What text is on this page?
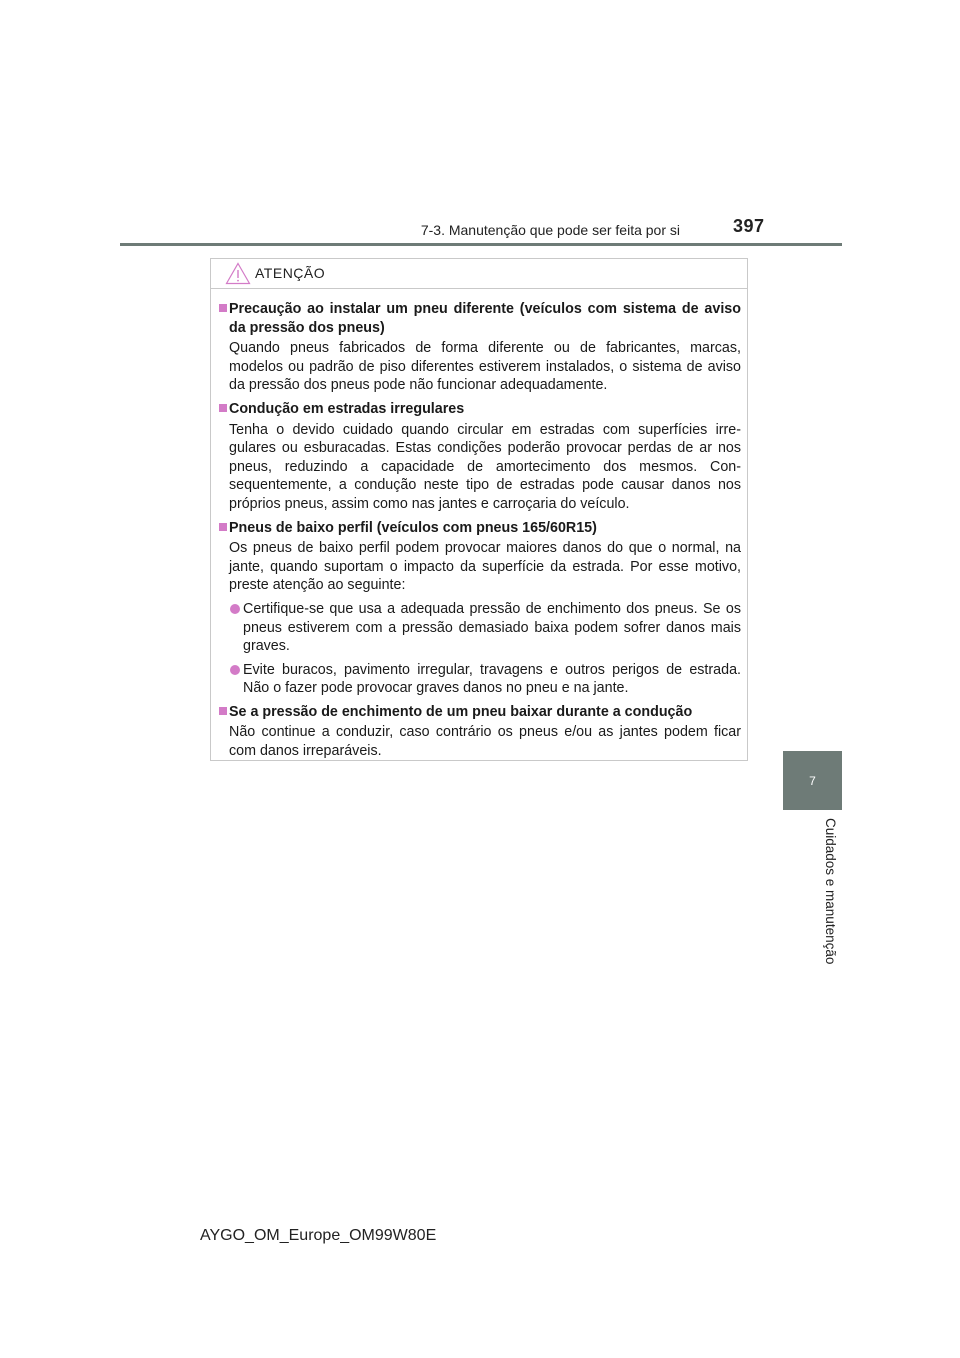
7-3. Manutenção que pode ser feita por si	397
7
Cuidados e manutenção
ATENÇÃO
Precaução ao instalar um pneu diferente (veículos com sistema de aviso da pressão dos pneus)
Quando pneus fabricados de forma diferente ou de fabricantes, marcas, modelos ou padrão de piso diferentes estiverem instalados, o sistema de aviso da pressão dos pneus pode não funcionar adequadamente.
Condução em estradas irregulares
Tenha o devido cuidado quando circular em estradas com superfícies irre-gulares ou esburacadas. Estas condições poderão provocar perdas de ar nos pneus, reduzindo a capacidade de amortecimento dos mesmos. Con-sequentemente, a condução neste tipo de estradas pode causar danos nos próprios pneus, assim como nas jantes e carroçaria do veículo.
Pneus de baixo perfil (veículos com pneus 165/60R15)
Os pneus de baixo perfil podem provocar maiores danos do que o normal, na jante, quando suportam o impacto da superfície da estrada. Por esse motivo, preste atenção ao seguinte:
Certifique-se que usa a adequada pressão de enchimento dos pneus. Se os pneus estiverem com a pressão demasiado baixa podem sofrer danos mais graves.
Evite buracos, pavimento irregular, travagens e outros perigos de estrada. Não o fazer pode provocar graves danos no pneu e na jante.
Se a pressão de enchimento de um pneu baixar durante a condução
Não continue a conduzir, caso contrário os pneus e/ou as jantes podem ficar com danos irreparáveis.
AYGO_OM_Europe_OM99W80E
